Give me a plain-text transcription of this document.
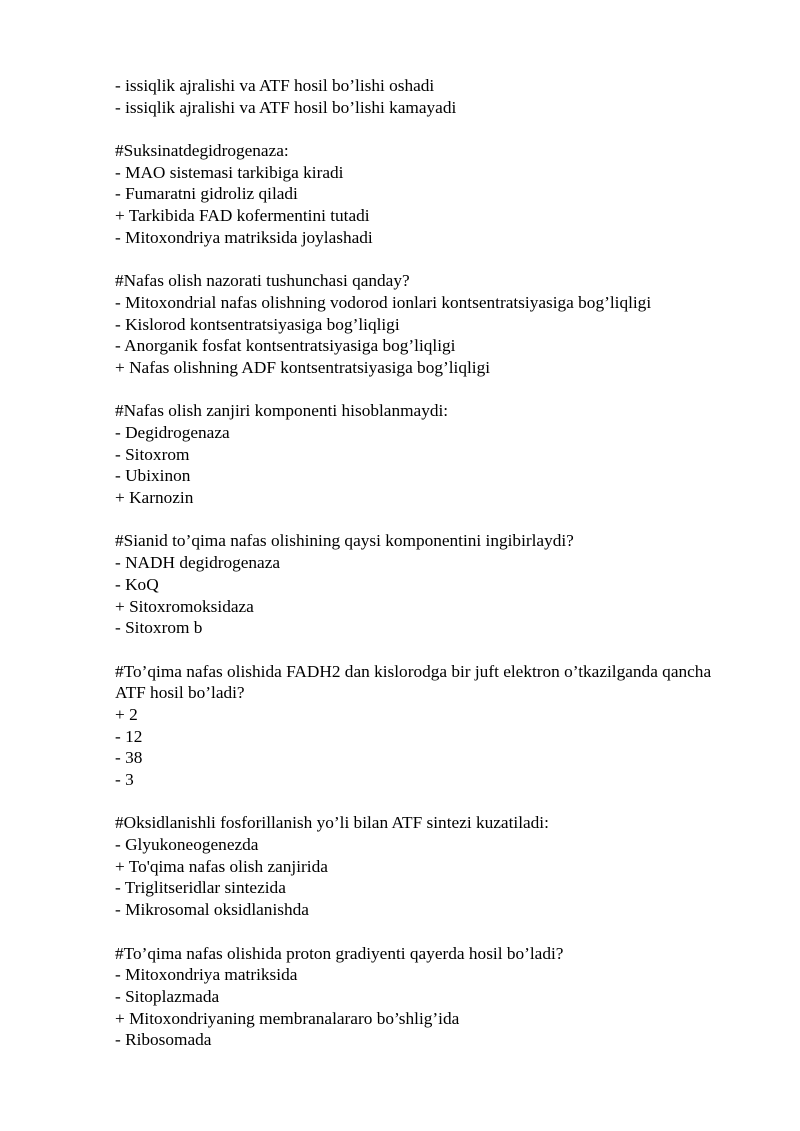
- issiqlik ajralishi va ATF hosil bo’lishi oshadi
- issiqlik ajralishi va ATF hosil bo’lishi kamayadi
#Suksinatdegidrogenaza:
- MAO sistemasi tarkibiga kiradi
- Fumaratni gidroliz qiladi
+ Tarkibida FAD kofermentini tutadi
- Mitoxondriya matriksida joylashadi
#Nafas olish nazorati tushunchasi qanday?
- Mitoxondrial nafas olishning vodorod ionlari kontsentratsiyasiga bog’liqligi
- Kislorod kontsentratsiyasiga bog’liqligi
- Anorganik fosfat kontsentratsiyasiga bog’liqligi
+ Nafas olishning ADF kontsentratsiyasiga bog’liqligi
#Nafas olish zanjiri komponenti hisoblanmaydi:
- Degidrogenaza
- Sitoxrom
- Ubixinon
+ Karnozin
#Sianid to’qima nafas olishining qaysi komponentini ingibirlaydi?
- NADH degidrogenaza
- KoQ
+ Sitoxromoksidaza
- Sitoxrom b
#To’qima nafas olishida FADH2 dan kislorodga bir juft elektron o’tkazilganda qancha ATF hosil bo’ladi?
+ 2
- 12
- 38
- 3
#Oksidlanishli fosforillanish yo’li bilan ATF sintezi kuzatiladi:
- Glyukoneogenezda
+ To'qima nafas olish zanjirida
- Triglitseridlar sintezida
- Mikrosomal oksidlanishda
#To’qima nafas olishida proton gradiyenti qayerda hosil bo’ladi?
- Mitoxondriya matriksida
- Sitoplazmada
+ Mitoxondriyaning membranalararo bo’shlig’ida
- Ribosomada
